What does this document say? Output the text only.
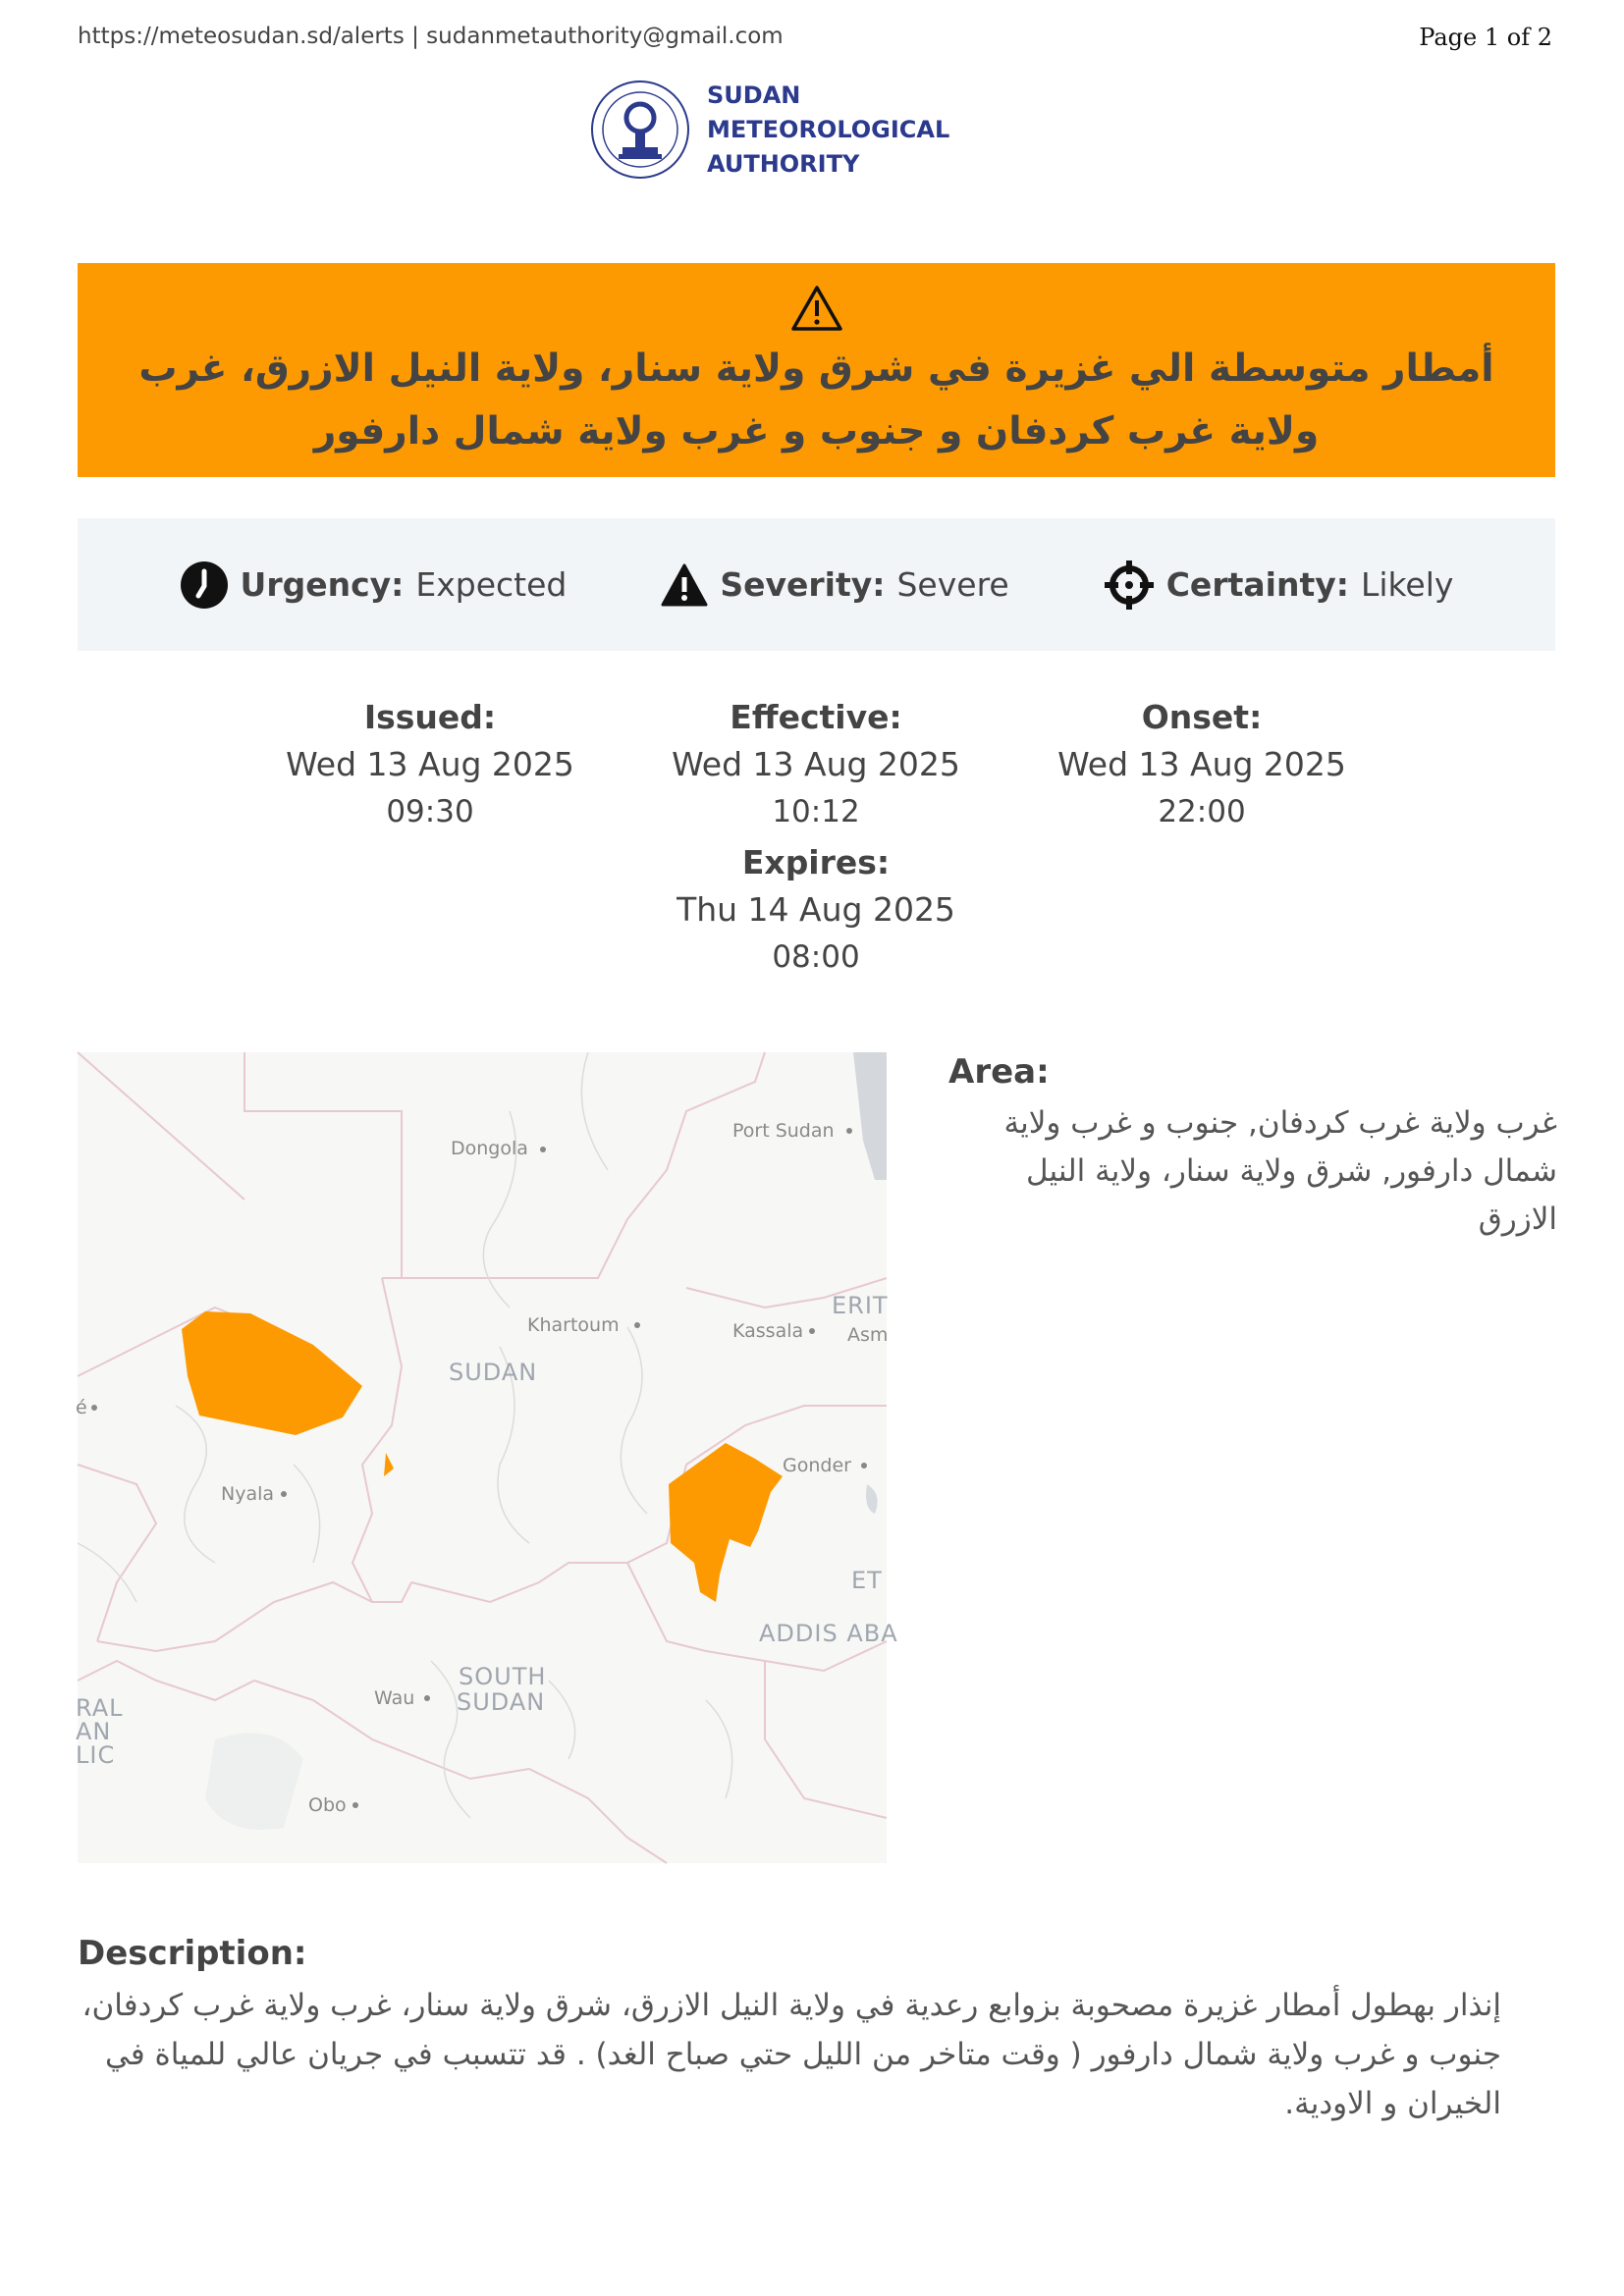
https://meteosudan.sd/alerts | sudanmetauthority@gmail.com	Page 1 of 2
SUDAN
METEOROLOGICAL
AUTHORITY
أمطار متوسطة الي غزيرة في شرق ولاية سنار، ولاية النيل الازرق، غرب ولاية غرب كردفان و جنوب و غرب ولاية شمال دارفور
Urgency: Expected	Severity: Severe	Certainty: Likely
Issued:
Wed 13 Aug 2025
09:30
Effective:
Wed 13 Aug 2025
10:12
Onset:
Wed 13 Aug 2025
22:00
Expires:
Thu 14 Aug 2025
08:00
Dongola
Port Sudan
Khartoum	Kassala
ERIT
Asm
SUDAN
Nyala
Gonder
ET
ADDIS ABA
SOUTH
SUDAN
Wau
Obo
RAL
AN
LIC
é
Area:
غرب ولاية غرب كردفان, جنوب و غرب ولاية شمال دارفور, شرق ولاية سنار، ولاية النيل الازرق
Description:
إنذار بهطول أمطار غزيرة مصحوبة بزوابع رعدية في ولاية النيل الازرق، شرق ولاية سنار، غرب ولاية غرب كردفان، جنوب و غرب ولاية شمال دارفور ( وقت متاخر من الليل حتي صباح الغد) . قد تتسبب في جريان عالي للمياة في الخيران و الاودية.
